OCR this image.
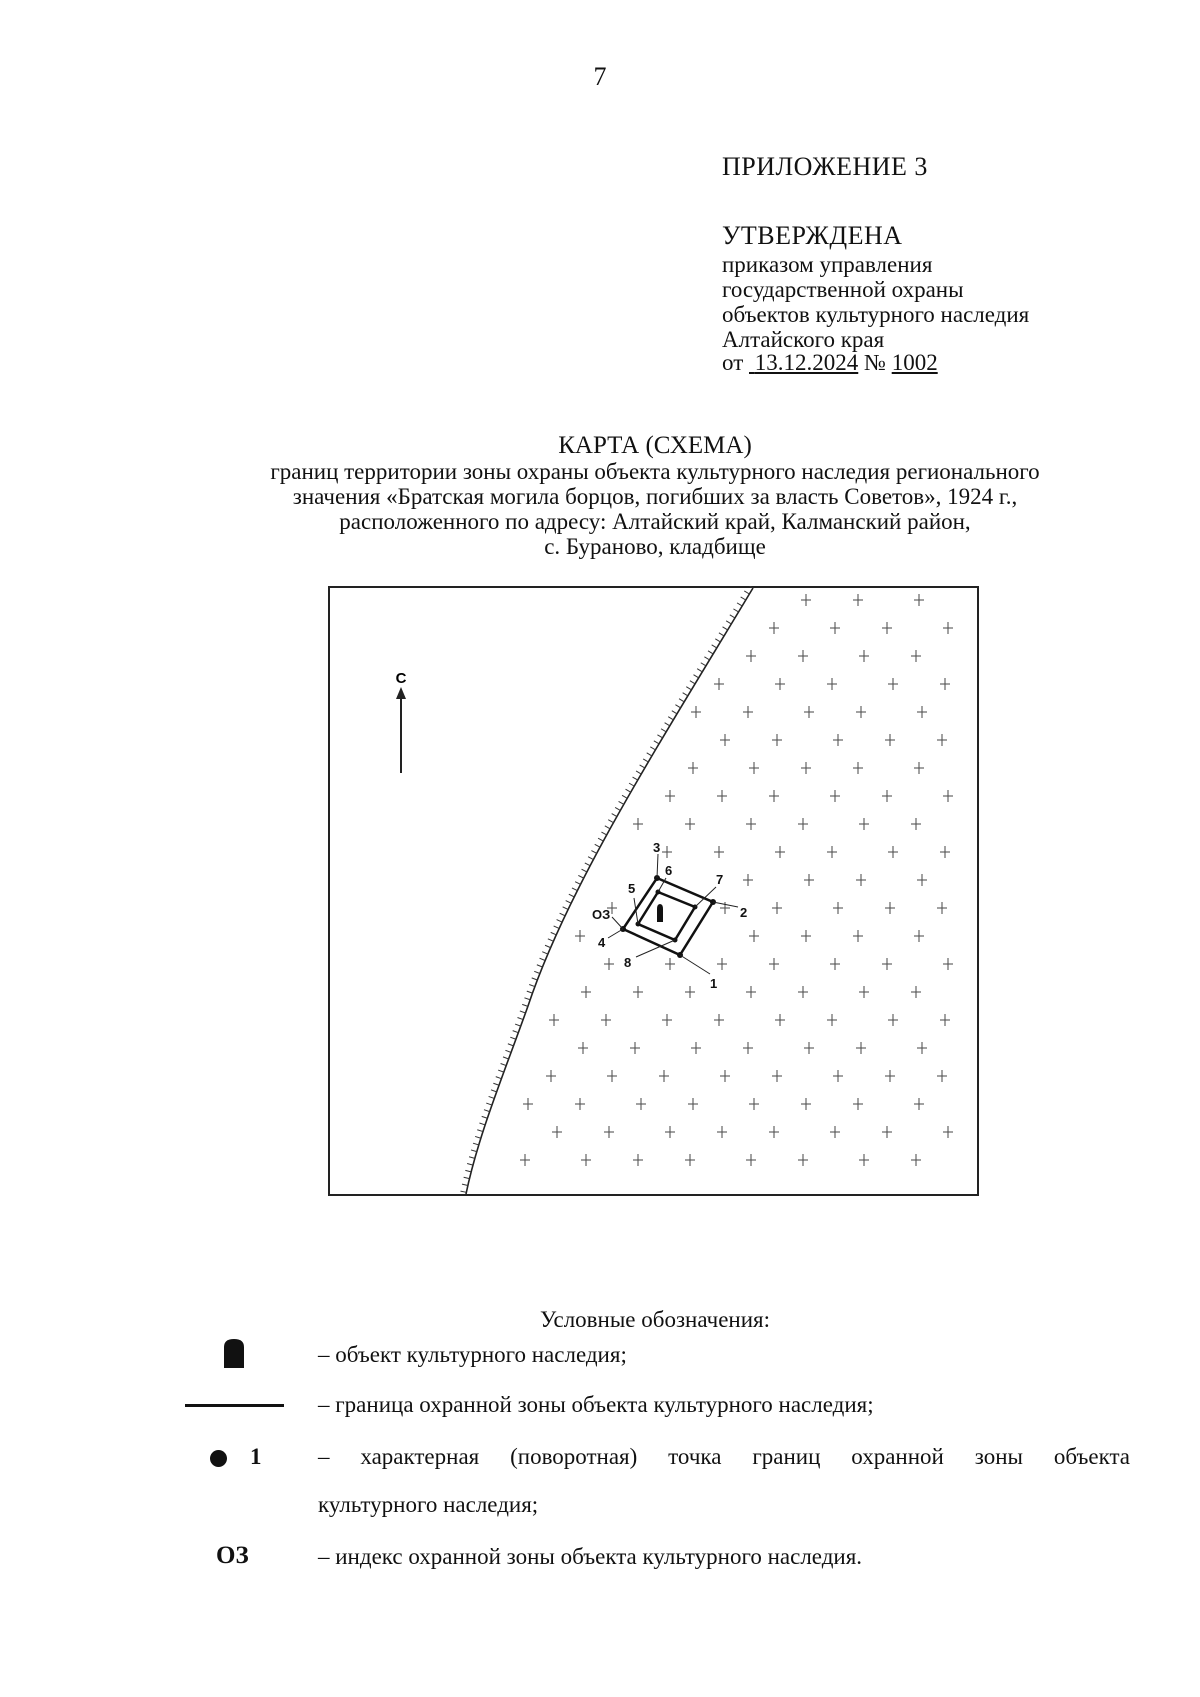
7
ПРИЛОЖЕНИЕ 3
УТВЕРЖДЕНА
приказом управления
государственной охраны
объектов культурного наследия
Алтайского края
от 13.12.2024 № 1002
КАРТА (СХЕМА)
границ территории зоны охраны объекта культурного наследия регионального
значения «Братская могила борцов, погибших за власть Советов», 1924 г.,
расположенного по адресу: Алтайский край, Калманский район,
с. Бураново, кладбище
С
1
2
3
4
5
6
7
8
ОЗ
Условные обозначения:
– объект культурного наследия;
– граница охранной зоны объекта культурного наследия;
1 – характерная (поворотная) точка границ охранной зоны объекта
культурного наследия;
ОЗ	– индекс охранной зоны объекта культурного наследия.
